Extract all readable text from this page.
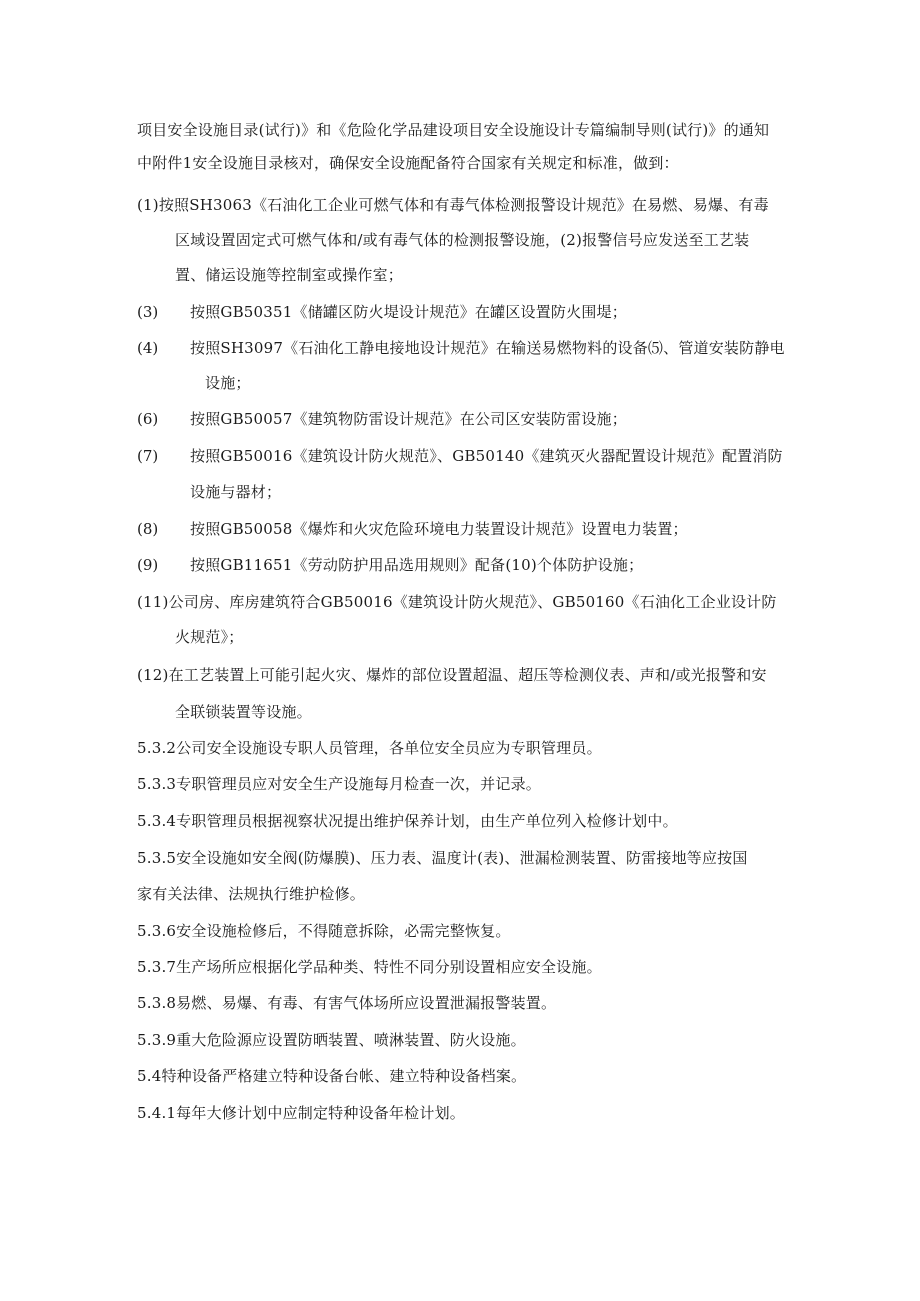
项目安全设施目录(试行)》和《危险化学品建设项目安全设施设计专篇编制导则(试行)》的通知
中附件1安全设施目录核对，确保安全设施配备符合国家有关规定和标准，做到：
(1)按照SH3063《石油化工企业可燃气体和有毒气体检测报警设计规范》在易燃、易爆、有毒
区域设置固定式可燃气体和/或有毒气体的检测报警设施，(2)报警信号应发送至工艺装
置、储运设施等控制室或操作室；
(3) 按照GB50351《储罐区防火堤设计规范》在罐区设置防火围堤；
(4) 按照SH3097《石油化工静电接地设计规范》在输送易燃物料的设备⑸、管道安装防静电
设施；
(6) 按照GB50057《建筑物防雷设计规范》在公司区安装防雷设施；
(7) 按照GB50016《建筑设计防火规范》、GB50140《建筑灭火器配置设计规范》配置消防
设施与器材；
(8) 按照GB50058《爆炸和火灾危险环境电力装置设计规范》设置电力装置；
(9) 按照GB11651《劳动防护用品选用规则》配备(10)个体防护设施；
(11)公司房、库房建筑符合GB50016《建筑设计防火规范》、GB50160《石油化工企业设计防
火规范》；
(12)在工艺装置上可能引起火灾、爆炸的部位设置超温、超压等检测仪表、声和/或光报警和安
全联锁装置等设施。
5.3.2公司安全设施设专职人员管理，各单位安全员应为专职管理员。
5.3.3专职管理员应对安全生产设施每月检查一次，并记录。
5.3.4专职管理员根据视察状况提出维护保养计划，由生产单位列入检修计划中。
5.3.5安全设施如安全阀(防爆膜)、压力表、温度计(表)、泄漏检测装置、防雷接地等应按国
家有关法律、法规执行维护检修。
5.3.6安全设施检修后，不得随意拆除，必需完整恢复。
5.3.7生产场所应根据化学品种类、特性不同分别设置相应安全设施。
5.3.8易燃、易爆、有毒、有害气体场所应设置泄漏报警装置。
5.3.9重大危险源应设置防晒装置、喷淋装置、防火设施。
5.4特种设备严格建立特种设备台帐、建立特种设备档案。
5.4.1每年大修计划中应制定特种设备年检计划。
